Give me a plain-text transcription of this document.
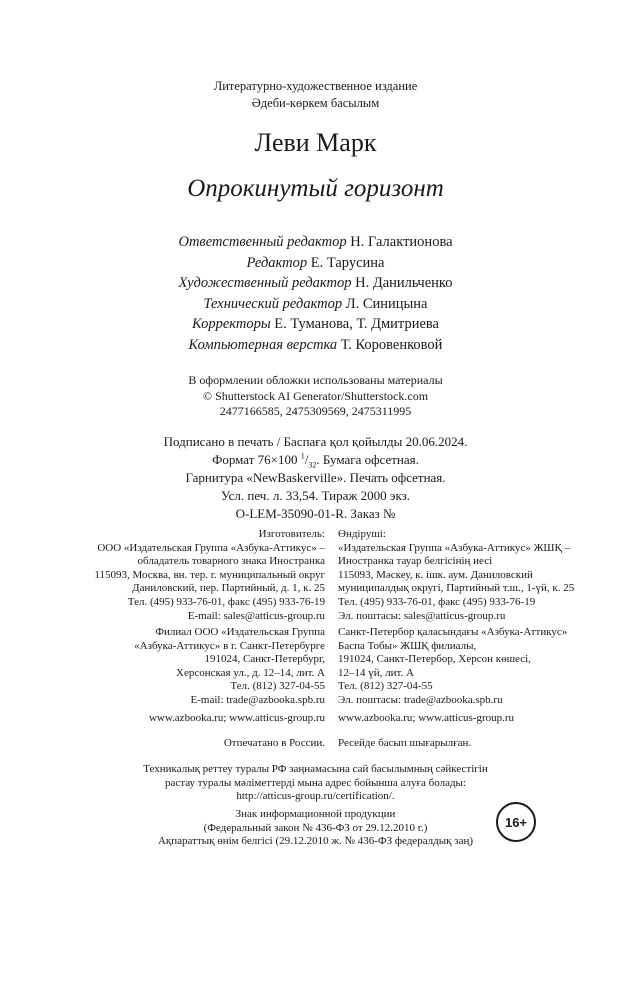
Литературно-художественное издание
Әдеби-көркем басылым
Леви Марк
Опрокинутый горизонт
Ответственный редактор Н. Галактионова
Редактор Е. Тарусина
Художественный редактор Н. Данильченко
Технический редактор Л. Синицына
Корректоры Е. Туманова, Т. Дмитриева
Компьютерная верстка Т. Коровенковой
В оформлении обложки использованы материалы
© Shutterstock AI Generator/Shutterstock.com
2477166585, 2475309569, 2475311995
Подписано в печать / Баспаға қол қойылды 20.06.2024.
Формат 76×100 $^1/_{32}$. Бумага офсетная.
Гарнитура «NewBaskerville». Печать офсетная.
Усл. печ. л. 33,54. Тираж 2000 экз.
O-LEM-35090-01-R. Заказ №
Изготовитель:
ООО «Издательская Группа «Азбука-Аттикус» –
обладатель товарного знака Иностранка
115093, Москва, вн. тер. г. муниципальный округ
Даниловский, пер. Партийный, д. 1, к. 25
Тел. (495) 933-76-01, факс (495) 933-76-19
E-mail: sales@atticus-group.ru
Өндіруші:
«Издательская Группа «Азбука-Аттикус» ЖШҚ –
Иностранка тауар белгісінің иесі
115093, Мәскеу, к. ішк. аум. Даниловский
муниципалдық округі, Партийный т.ш., 1-үй, к. 25
Тел. (495) 933-76-01, факс (495) 933-76-19
Эл. поштасы: sales@atticus-group.ru
Филиал ООО «Издательская Группа
«Азбука-Аттикус» в г. Санкт-Петербурге
191024, Санкт-Петербург,
Херсонская ул., д. 12–14, лит. А
Тел. (812) 327-04-55
E-mail: trade@azbooka.spb.ru
Санкт-Петербор қаласындағы «Азбука-Аттикус»
Баспа Тобы» ЖШҚ филиалы,
191024, Санкт-Петербор, Херсон көшесі,
12–14 үй, лит. А
Тел. (812) 327-04-55
Эл. поштасы: trade@azbooka.spb.ru
www.azbooka.ru; www.atticus-group.ru www.azbooka.ru; www.atticus-group.ru
Отпечатано в России. Ресейде басып шығарылған.
Техникалық реттеу туралы РФ заңнамасына сай басылымның сәйкестігін
растау туралы мәліметтерді мына адрес бойынша алуға болады:
http://atticus-group.ru/certification/.
Знак информационной продукции
(Федеральный закон № 436-ФЗ от 29.12.2010 г.)
Ақпараттық өнім белгісі (29.12.2010 ж. № 436-ФЗ федералдық заң)
16+
